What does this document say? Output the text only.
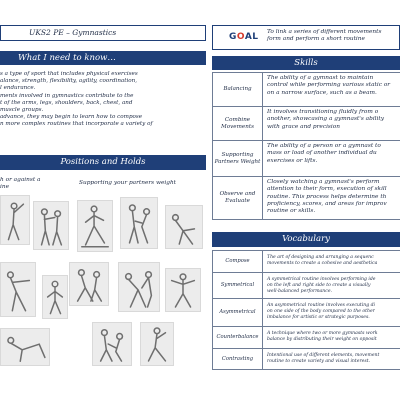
UKS2 PE – Gymnastics
What I need to know…
s a type of sport that includes physical exercises
alance, strength, flexibility, agility, coordination,
l endurance.
ments involved in gymnastics contribute to the
t of the arms, legs, shoulders, back, chest, and
muscle groups.
advance, they may begin to learn how to compose
n more complex routines that incorporate a variety of
Positions and Holds
h or against a
ine
Supporting your partners weight
GOAL To link a series of different movements
form and perform a short routine
Skills
Balancing
The ability of a gymnast to maintain
control while performing various static or
on a narrow surface, such as a beam.
Combine Movements
It involves transitioning fluidly from o
another, showcasing a gymnast's ability
with grace and precision
Supporting Partners Weight
The ability of a person or a gymnast to
mass or load of another individual du
exercises or lifts.
Observe and Evaluate
Closely watching a gymnast's perform
attention to their form, execution of skill
routine. This process helps determine th
proficiency, scores, and areas for improv
routine or skills.
Vocabulary
Compose
The art of designing and arranging a sequenc
movements to create a cohesive and aesthetica
Symmetrical
A symmetrical routine involves performing ide
on the left and right side to create a visually
well-balanced performance.
Asymmetrical
An asymmetrical routine involves executing di
on one side of the body compared to the other
imbalance for artistic or strategic purposes.
Counterbalance
A technique where two or more gymnasts work
balance by distributing their weight on opposit
Contrasting	Intentional use of different elements, movement
routine to create variety and visual interest.
